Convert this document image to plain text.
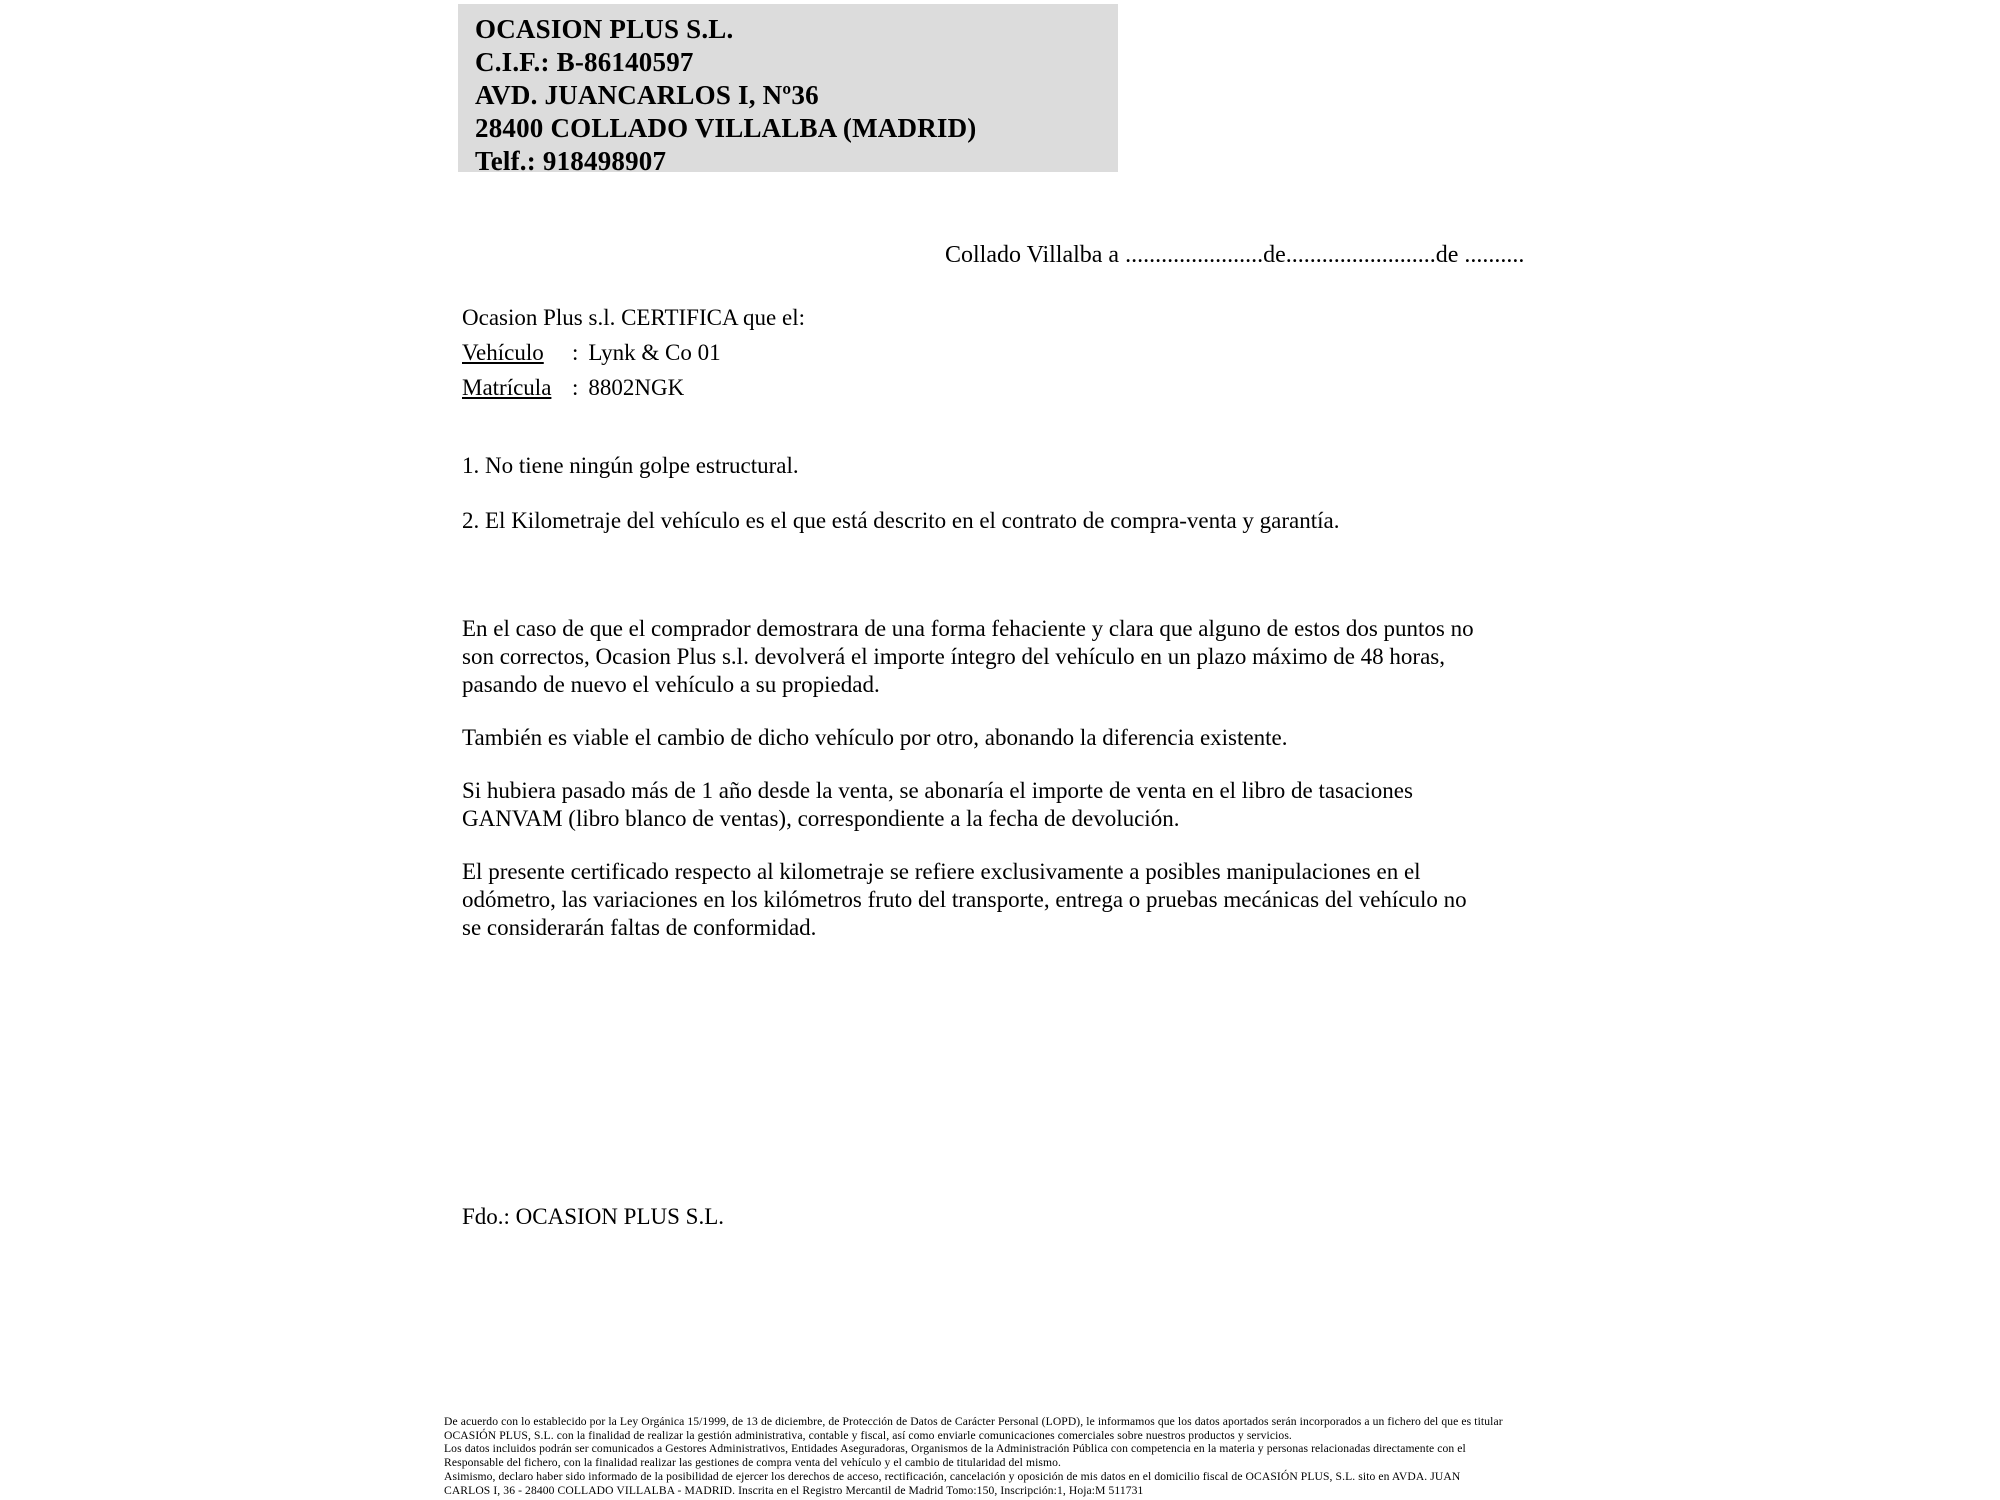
OCASION PLUS S.L.
C.I.F.: B-86140597
AVD. JUANCARLOS I, Nº36
28400 COLLADO VILLALBA (MADRID)
Telf.: 918498907
Collado Villalba a .......................de.........................de ..........
Ocasion Plus s.l. CERTIFICA que el:
Vehículo : Lynk & Co 01
Matrícula : 8802NGK
1. No tiene ningún golpe estructural.
2. El Kilometraje del vehículo es el que está descrito en el contrato de compra-venta y garantía.
En el caso de que el comprador demostrara de una forma fehaciente y clara que alguno de estos dos puntos no
son correctos, Ocasion Plus s.l. devolverá el importe íntegro del vehículo en un plazo máximo de 48 horas,
pasando de nuevo el vehículo a su propiedad.
También es viable el cambio de dicho vehículo por otro, abonando la diferencia existente.
Si hubiera pasado más de 1 año desde la venta, se abonaría el importe de venta en el libro de tasaciones
GANVAM (libro blanco de ventas), correspondiente a la fecha de devolución.
El presente certificado respecto al kilometraje se refiere exclusivamente a posibles manipulaciones en el
odómetro, las variaciones en los kilómetros fruto del transporte, entrega o pruebas mecánicas del vehículo no
se considerarán faltas de conformidad.
Fdo.: OCASION PLUS S.L.
De acuerdo con lo establecido por la Ley Orgánica 15/1999, de 13 de diciembre, de Protección de Datos de Carácter Personal (LOPD), le informamos que los datos aportados serán incorporados a un fichero del que es titular
OCASIÓN PLUS, S.L. con la finalidad de realizar la gestión administrativa, contable y fiscal, así como enviarle comunicaciones comerciales sobre nuestros productos y servicios.
Los datos incluidos podrán ser comunicados a Gestores Administrativos, Entidades Aseguradoras, Organismos de la Administración Pública con competencia en la materia y personas relacionadas directamente con el
Responsable del fichero, con la finalidad realizar las gestiones de compra venta del vehículo y el cambio de titularidad del mismo.
Asimismo, declaro haber sido informado de la posibilidad de ejercer los derechos de acceso, rectificación, cancelación y oposición de mis datos en el domicilio fiscal de OCASIÓN PLUS, S.L. sito en AVDA. JUAN
CARLOS I, 36 - 28400 COLLADO VILLALBA - MADRID. Inscrita en el Registro Mercantil de Madrid Tomo:150, Inscripción:1, Hoja:M 511731
